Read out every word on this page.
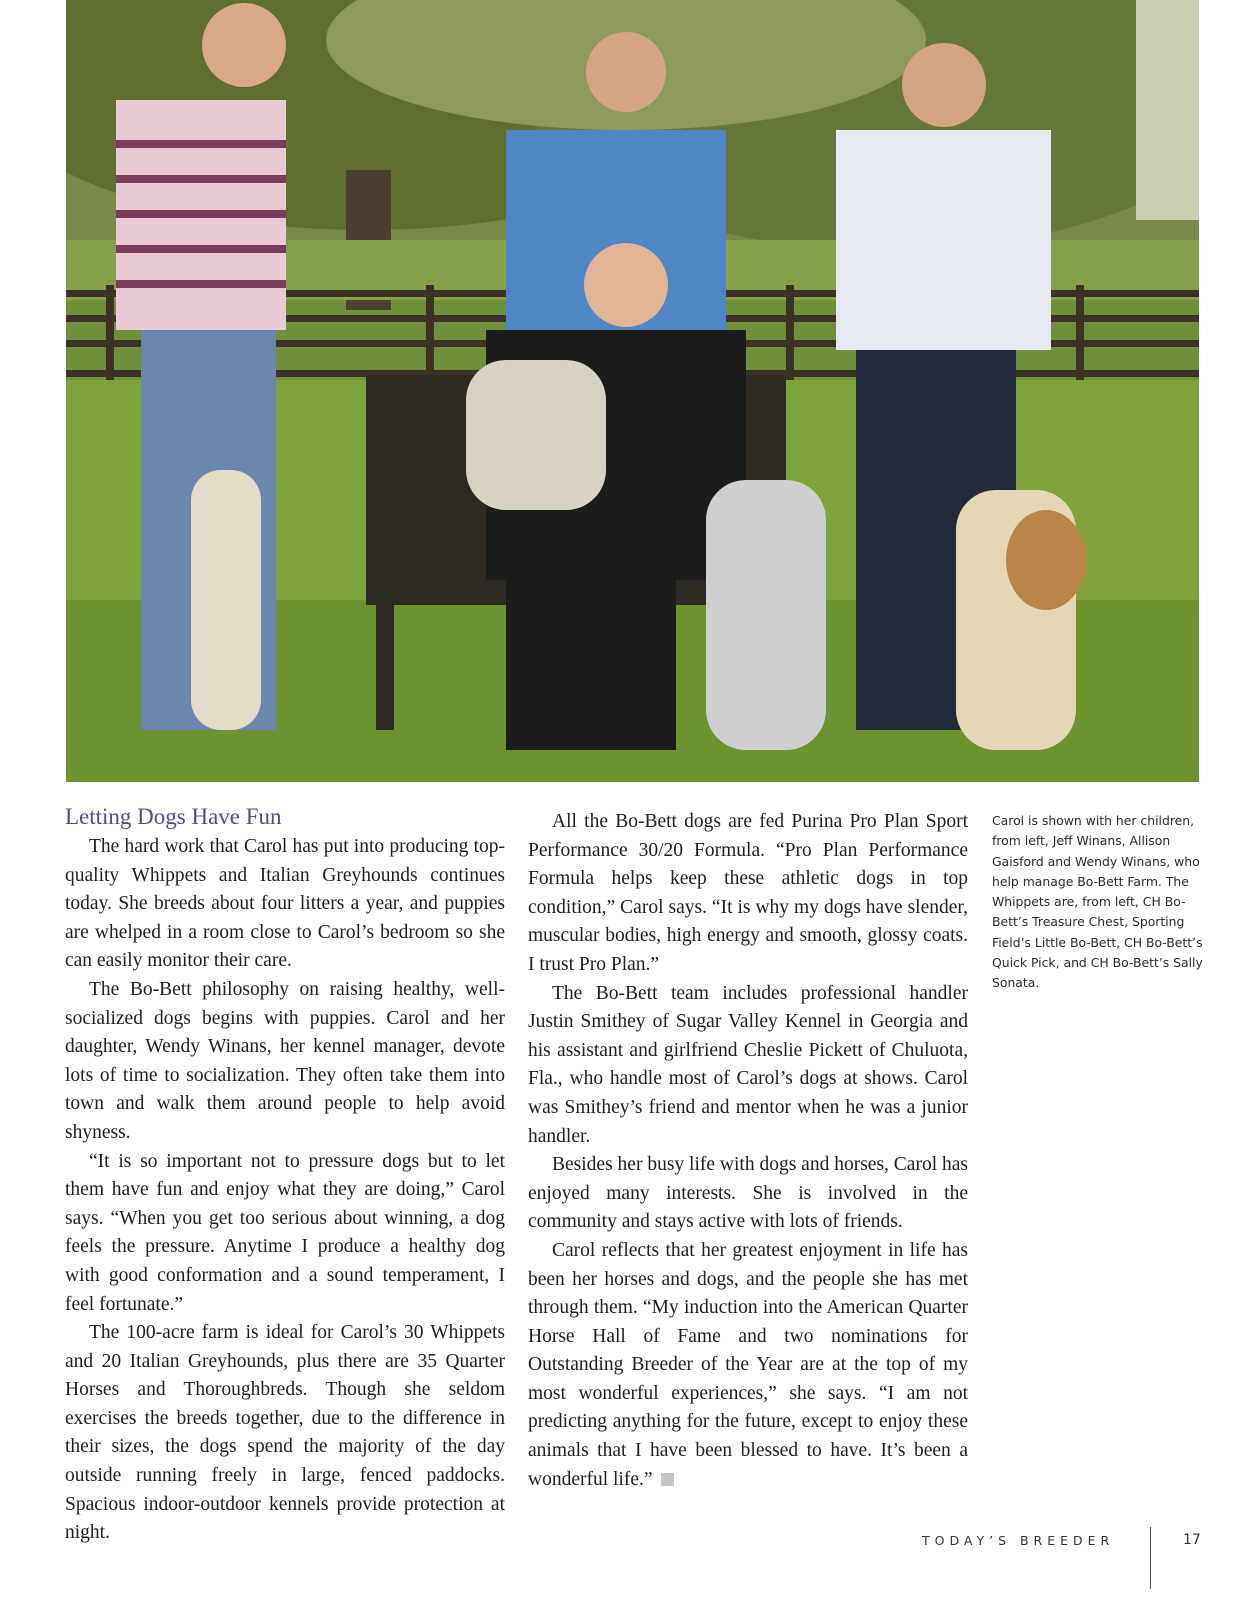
Letting Dogs Have Fun

The hard work that Carol has put into producing top-quality Whippets and Italian Greyhounds continues today. She breeds about four litters a year, and puppies are whelped in a room close to Carol’s bedroom so she can easily monitor their care.

The Bo-Bett philosophy on raising healthy, well-socialized dogs begins with puppies. Carol and her daughter, Wendy Winans, her kennel manager, devote lots of time to socialization. They often take them into town and walk them around people to help avoid shyness.

“It is so important not to pressure dogs but to let them have fun and enjoy what they are doing,” Carol says. “When you get too serious about winning, a dog feels the pressure. Anytime I produce a healthy dog with good conformation and a sound temperament, I feel fortunate.”

The 100-acre farm is ideal for Carol’s 30 Whippets and 20 Italian Greyhounds, plus there are 35 Quarter Horses and Thoroughbreds. Though she seldom exercises the breeds together, due to the difference in their sizes, the dogs spend the majority of the day outside running freely in large, fenced paddocks. Spacious indoor-outdoor kennels provide protection at night.

All the Bo-Bett dogs are fed Purina Pro Plan Sport Performance 30/20 Formula. “Pro Plan Performance Formula helps keep these athletic dogs in top condition,” Carol says. “It is why my dogs have slender, muscular bodies, high energy and smooth, glossy coats. I trust Pro Plan.”

The Bo-Bett team includes professional handler Justin Smithey of Sugar Valley Kennel in Georgia and his assistant and girlfriend Cheslie Pickett of Chuluota, Fla., who handle most of Carol’s dogs at shows. Carol was Smithey’s friend and mentor when he was a junior handler.

Besides her busy life with dogs and horses, Carol has enjoyed many interests. She is involved in the community and stays active with lots of friends.

Carol reflects that her greatest enjoyment in life has been her horses and dogs, and the people she has met through them. “My induction into the American Quarter Horse Hall of Fame and two nominations for Outstanding Breeder of the Year are at the top of my most wonderful experiences,” she says. “I am not predicting anything for the future, except to enjoy these animals that I have been blessed to have. It’s been a wonderful life.”

Carol is shown with her children, from left, Jeff Winans, Allison Gaisford and Wendy Winans, who help manage Bo-Bett Farm. The Whippets are, from left, CH Bo-Bett’s Treasure Chest, Sporting Field’s Little Bo-Bett, CH Bo-Bett’s Quick Pick, and CH Bo-Bett’s Sally Sonata.
TODAY’S BREEDER	17
